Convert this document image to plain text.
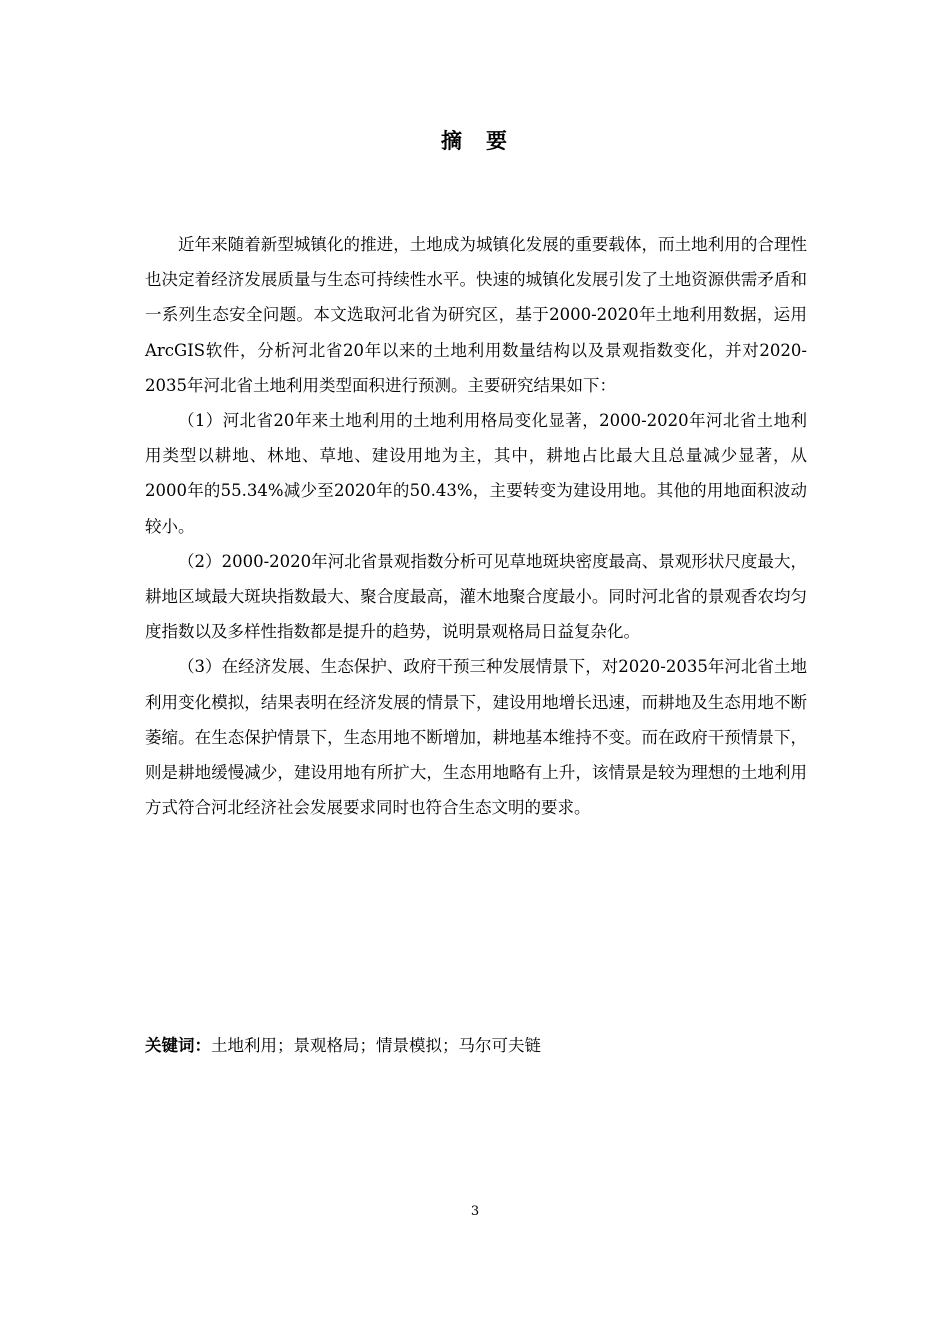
摘 要

近年来随着新型城镇化的推进，土地成为城镇化发展的重要载体，而土地利用的合理性也决定着经济发展质量与生态可持续性水平。快速的城镇化发展引发了土地资源供需矛盾和一系列生态安全问题。本文选取河北省为研究区，基于2000-2020年土地利用数据，运用ArcGIS软件，分析河北省20年以来的土地利用数量结构以及景观指数变化，并对2020-2035年河北省土地利用类型面积进行预测。主要研究结果如下：

（1）河北省20年来土地利用的土地利用格局变化显著，2000-2020年河北省土地利用类型以耕地、林地、草地、建设用地为主，其中，耕地占比最大且总量减少显著，从2000年的55.34%减少至2020年的50.43%，主要转变为建设用地。其他的用地面积波动较小。

（2）2000-2020年河北省景观指数分析可见草地斑块密度最高、景观形状尺度最大，耕地区域最大斑块指数最大、聚合度最高，灌木地聚合度最小。同时河北省的景观香农均匀度指数以及多样性指数都是提升的趋势，说明景观格局日益复杂化。

（3）在经济发展、生态保护、政府干预三种发展情景下，对2020-2035年河北省土地利用变化模拟，结果表明在经济发展的情景下，建设用地增长迅速，而耕地及生态用地不断萎缩。在生态保护情景下，生态用地不断增加，耕地基本维持不变。而在政府干预情景下，则是耕地缓慢减少，建设用地有所扩大，生态用地略有上升，该情景是较为理想的土地利用方式符合河北经济社会发展要求同时也符合生态文明的要求。

关键词：土地利用；景观格局；情景模拟；马尔可夫链
3
